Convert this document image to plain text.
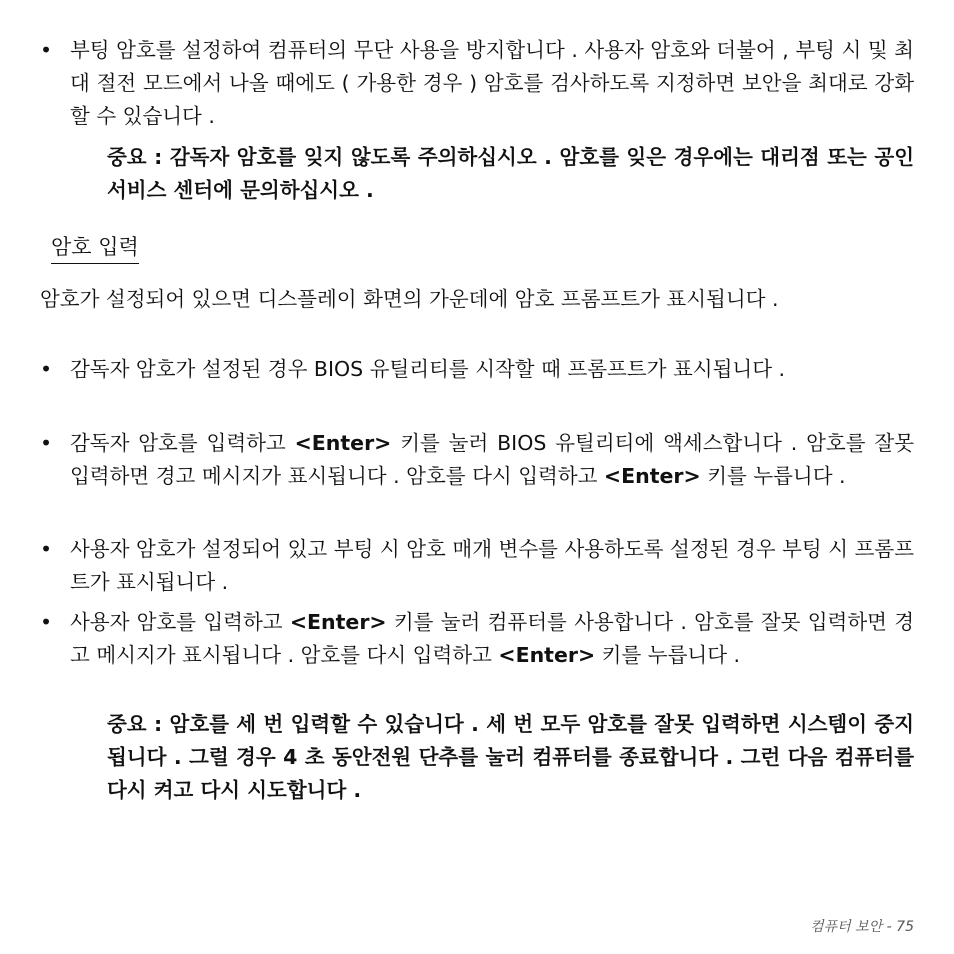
• 부팅 암호를 설정하여 컴퓨터의 무단 사용을 방지합니다 . 사용자 암호와 더불어 , 부팅 시 및 최대 절전 모드에서 나올 때에도 ( 가용한 경우 ) 암호를 검사하도록 지정하면 보안을 최대로 강화할 수 있습니다 .

중요 : 감독자 암호를 잊지 않도록 주의하십시오 . 암호를 잊은 경우에는 대리점 또는 공인 서비스 센터에 문의하십시오 .

암호 입력

암호가 설정되어 있으면 디스플레이 화면의 가운데에 암호 프롬프트가 표시됩니다 .

• 감독자 암호가 설정된 경우 BIOS 유틸리티를 시작할 때 프롬프트가 표시됩니다 .
• 감독자 암호를 입력하고 <Enter> 키를 눌러 BIOS 유틸리티에 액세스합니다 . 암호를 잘못 입력하면 경고 메시지가 표시됩니다 . 암호를 다시 입력하고 <Enter> 키를 누릅니다 .
• 사용자 암호가 설정되어 있고 부팅 시 암호 매개 변수를 사용하도록 설정된 경우 부팅 시 프롬프트가 표시됩니다 .
• 사용자 암호를 입력하고 <Enter> 키를 눌러 컴퓨터를 사용합니다 . 암호를 잘못 입력하면 경고 메시지가 표시됩니다 . 암호를 다시 입력하고 <Enter> 키를 누릅니다 .

중요 : 암호를 세 번 입력할 수 있습니다 . 세 번 모두 암호를 잘못 입력하면 시스템이 중지됩니다 . 그럴 경우 4 초 동안전원 단추를 눌러 컴퓨터를 종료합니다 . 그런 다음 컴퓨터를 다시 켜고 다시 시도합니다 .

컴퓨터 보안 - 75
